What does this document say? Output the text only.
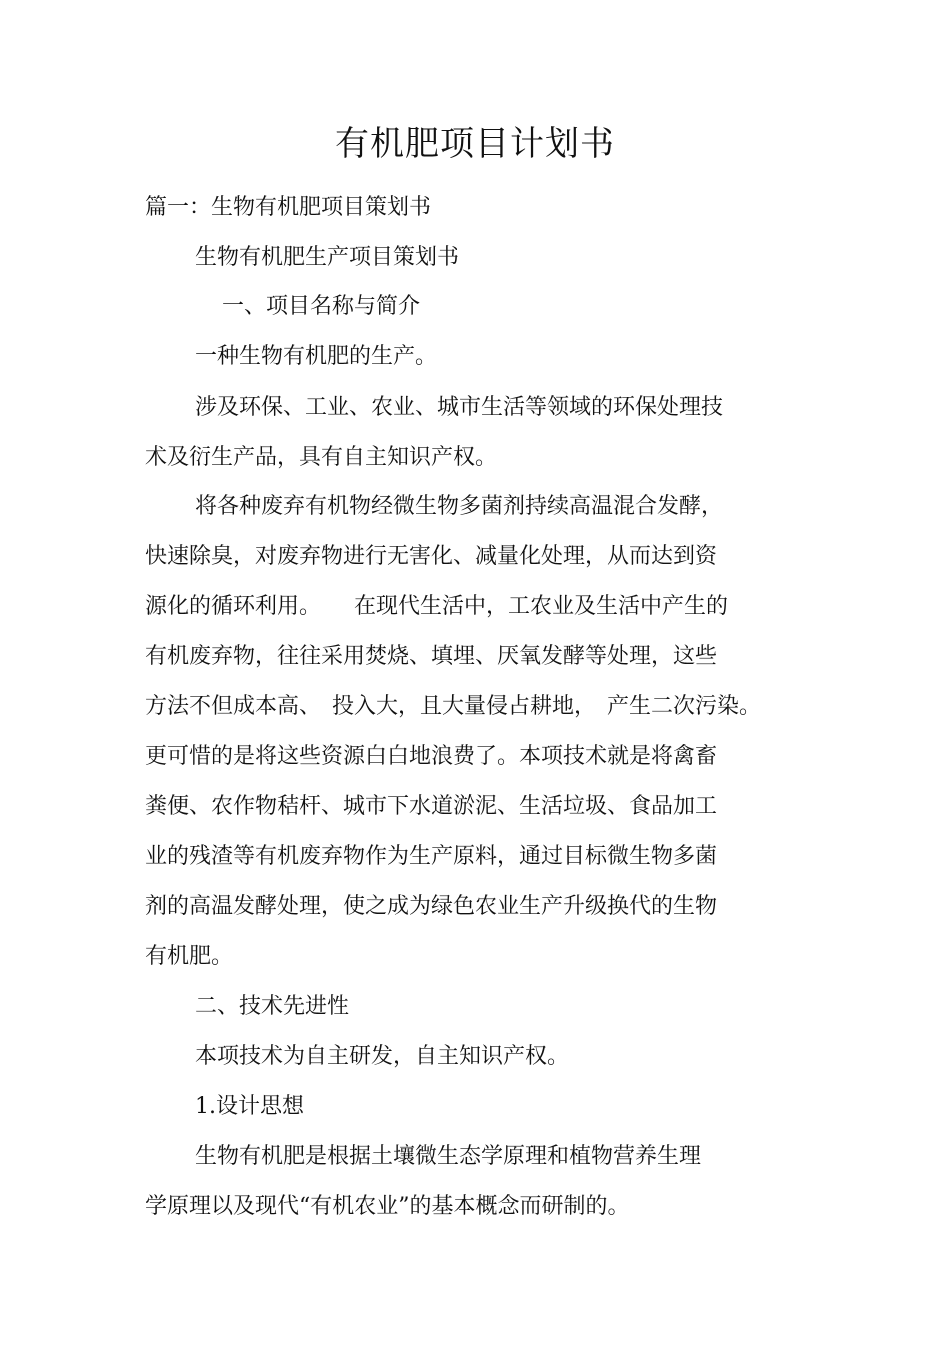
有机肥项目计划书
篇一：生物有机肥项目策划书
生物有机肥生产项目策划书
一、项目名称与简介
一种生物有机肥的生产。
涉及环保、工业、农业、城市生活等领域的环保处理技
术及衍生产品，具有自主知识产权。
将各种废弃有机物经微生物多菌剂持续高温混合发酵，
快速除臭，对废弃物进行无害化、减量化处理，从而达到资
源化的循环利用。　　在现代生活中，工农业及生活中产生的
有机废弃物，往往采用焚烧、填埋、厌氧发酵等处理，这些
方法不但成本高、　投入大，且大量侵占耕地，　产生二次污染。
更可惜的是将这些资源白白地浪费了。本项技术就是将禽畜
粪便、农作物秸杆、城市下水道淤泥、生活垃圾、食品加工
业的残渣等有机废弃物作为生产原料，通过目标微生物多菌
剂的高温发酵处理，使之成为绿色农业生产升级换代的生物
有机肥。
二、技术先进性
本项技术为自主研发，自主知识产权。
1.设计思想
生物有机肥是根据土壤微生态学原理和植物营养生理
学原理以及现代“有机农业”的基本概念而研制的。
